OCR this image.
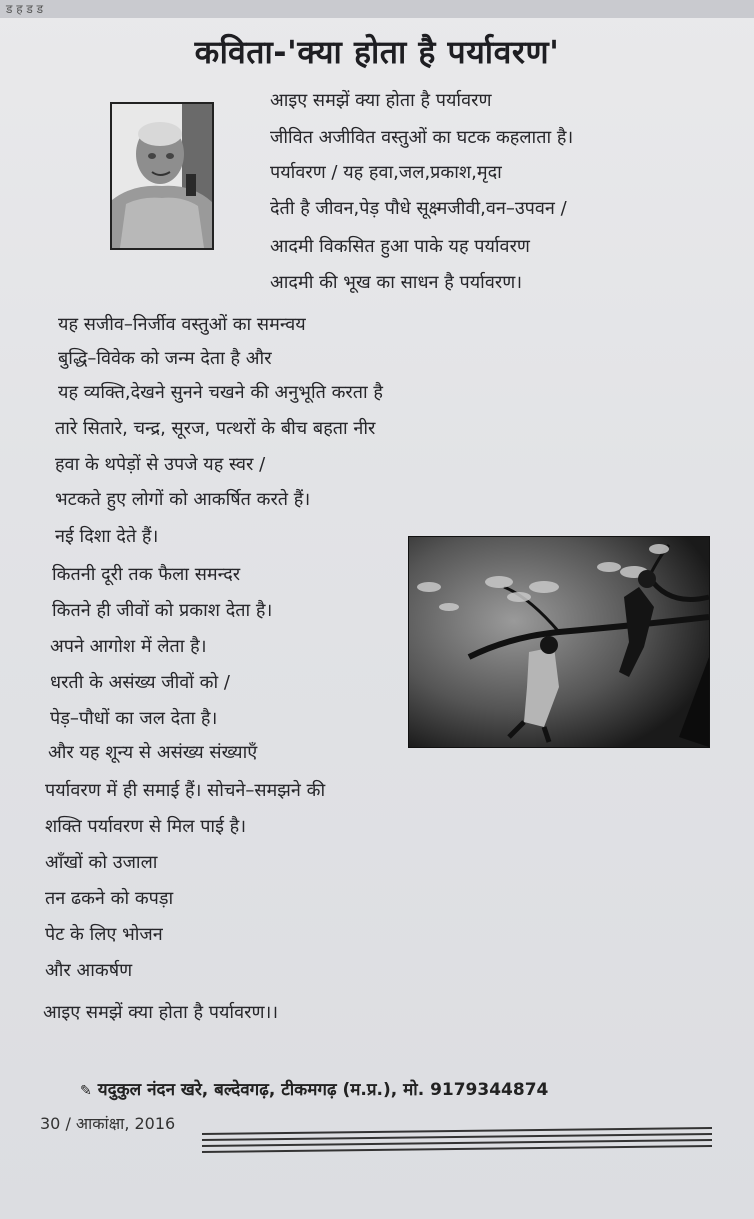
ड ह ड ड
कविता-'क्या होता है पर्यावरण'
आइए समझें क्या होता है पर्यावरण
जीवित अजीवित वस्तुओं का घटक कहलाता है।
पर्यावरण / यह हवा,जल,प्रकाश,मृदा
देती है जीवन,पेड़ पौधे सूक्ष्मजीवी,वन–उपवन /
आदमी विकसित हुआ पाके यह पर्यावरण
आदमी की भूख का साधन है पर्यावरण।
यह सजीव–निर्जीव वस्तुओं का समन्वय
बुद्धि–विवेक को जन्म देता है और
यह व्यक्ति,देखने सुनने चखने की अनुभूति करता है
तारे सितारे, चन्द्र, सूरज, पत्थरों के बीच बहता नीर
हवा के थपेड़ों से उपजे यह स्वर /
भटकते हुए लोगों को आकर्षित करते हैं।
नई दिशा देते हैं।
कितनी दूरी तक फैला समन्दर
कितने ही जीवों को प्रकाश देता है।
अपने आगोश में लेता है।
धरती के असंख्य जीवों को /
पेड़–पौधों का जल देता है।
और यह शून्य से असंख्य संख्याएँ
पर्यावरण में ही समाई हैं। सोचने–समझने की
शक्ति पर्यावरण से मिल पाई है।
आँखों को उजाला
तन ढकने को कपड़ा
पेट के लिए भोजन
और आकर्षण
आइए समझें क्या होता है पर्यावरण।।
✎ यदुकुल नंदन खरे, बल्देवगढ़, टीकमगढ़ (म.प्र.), मो. 9179344874
30 / आकांक्षा, 2016
